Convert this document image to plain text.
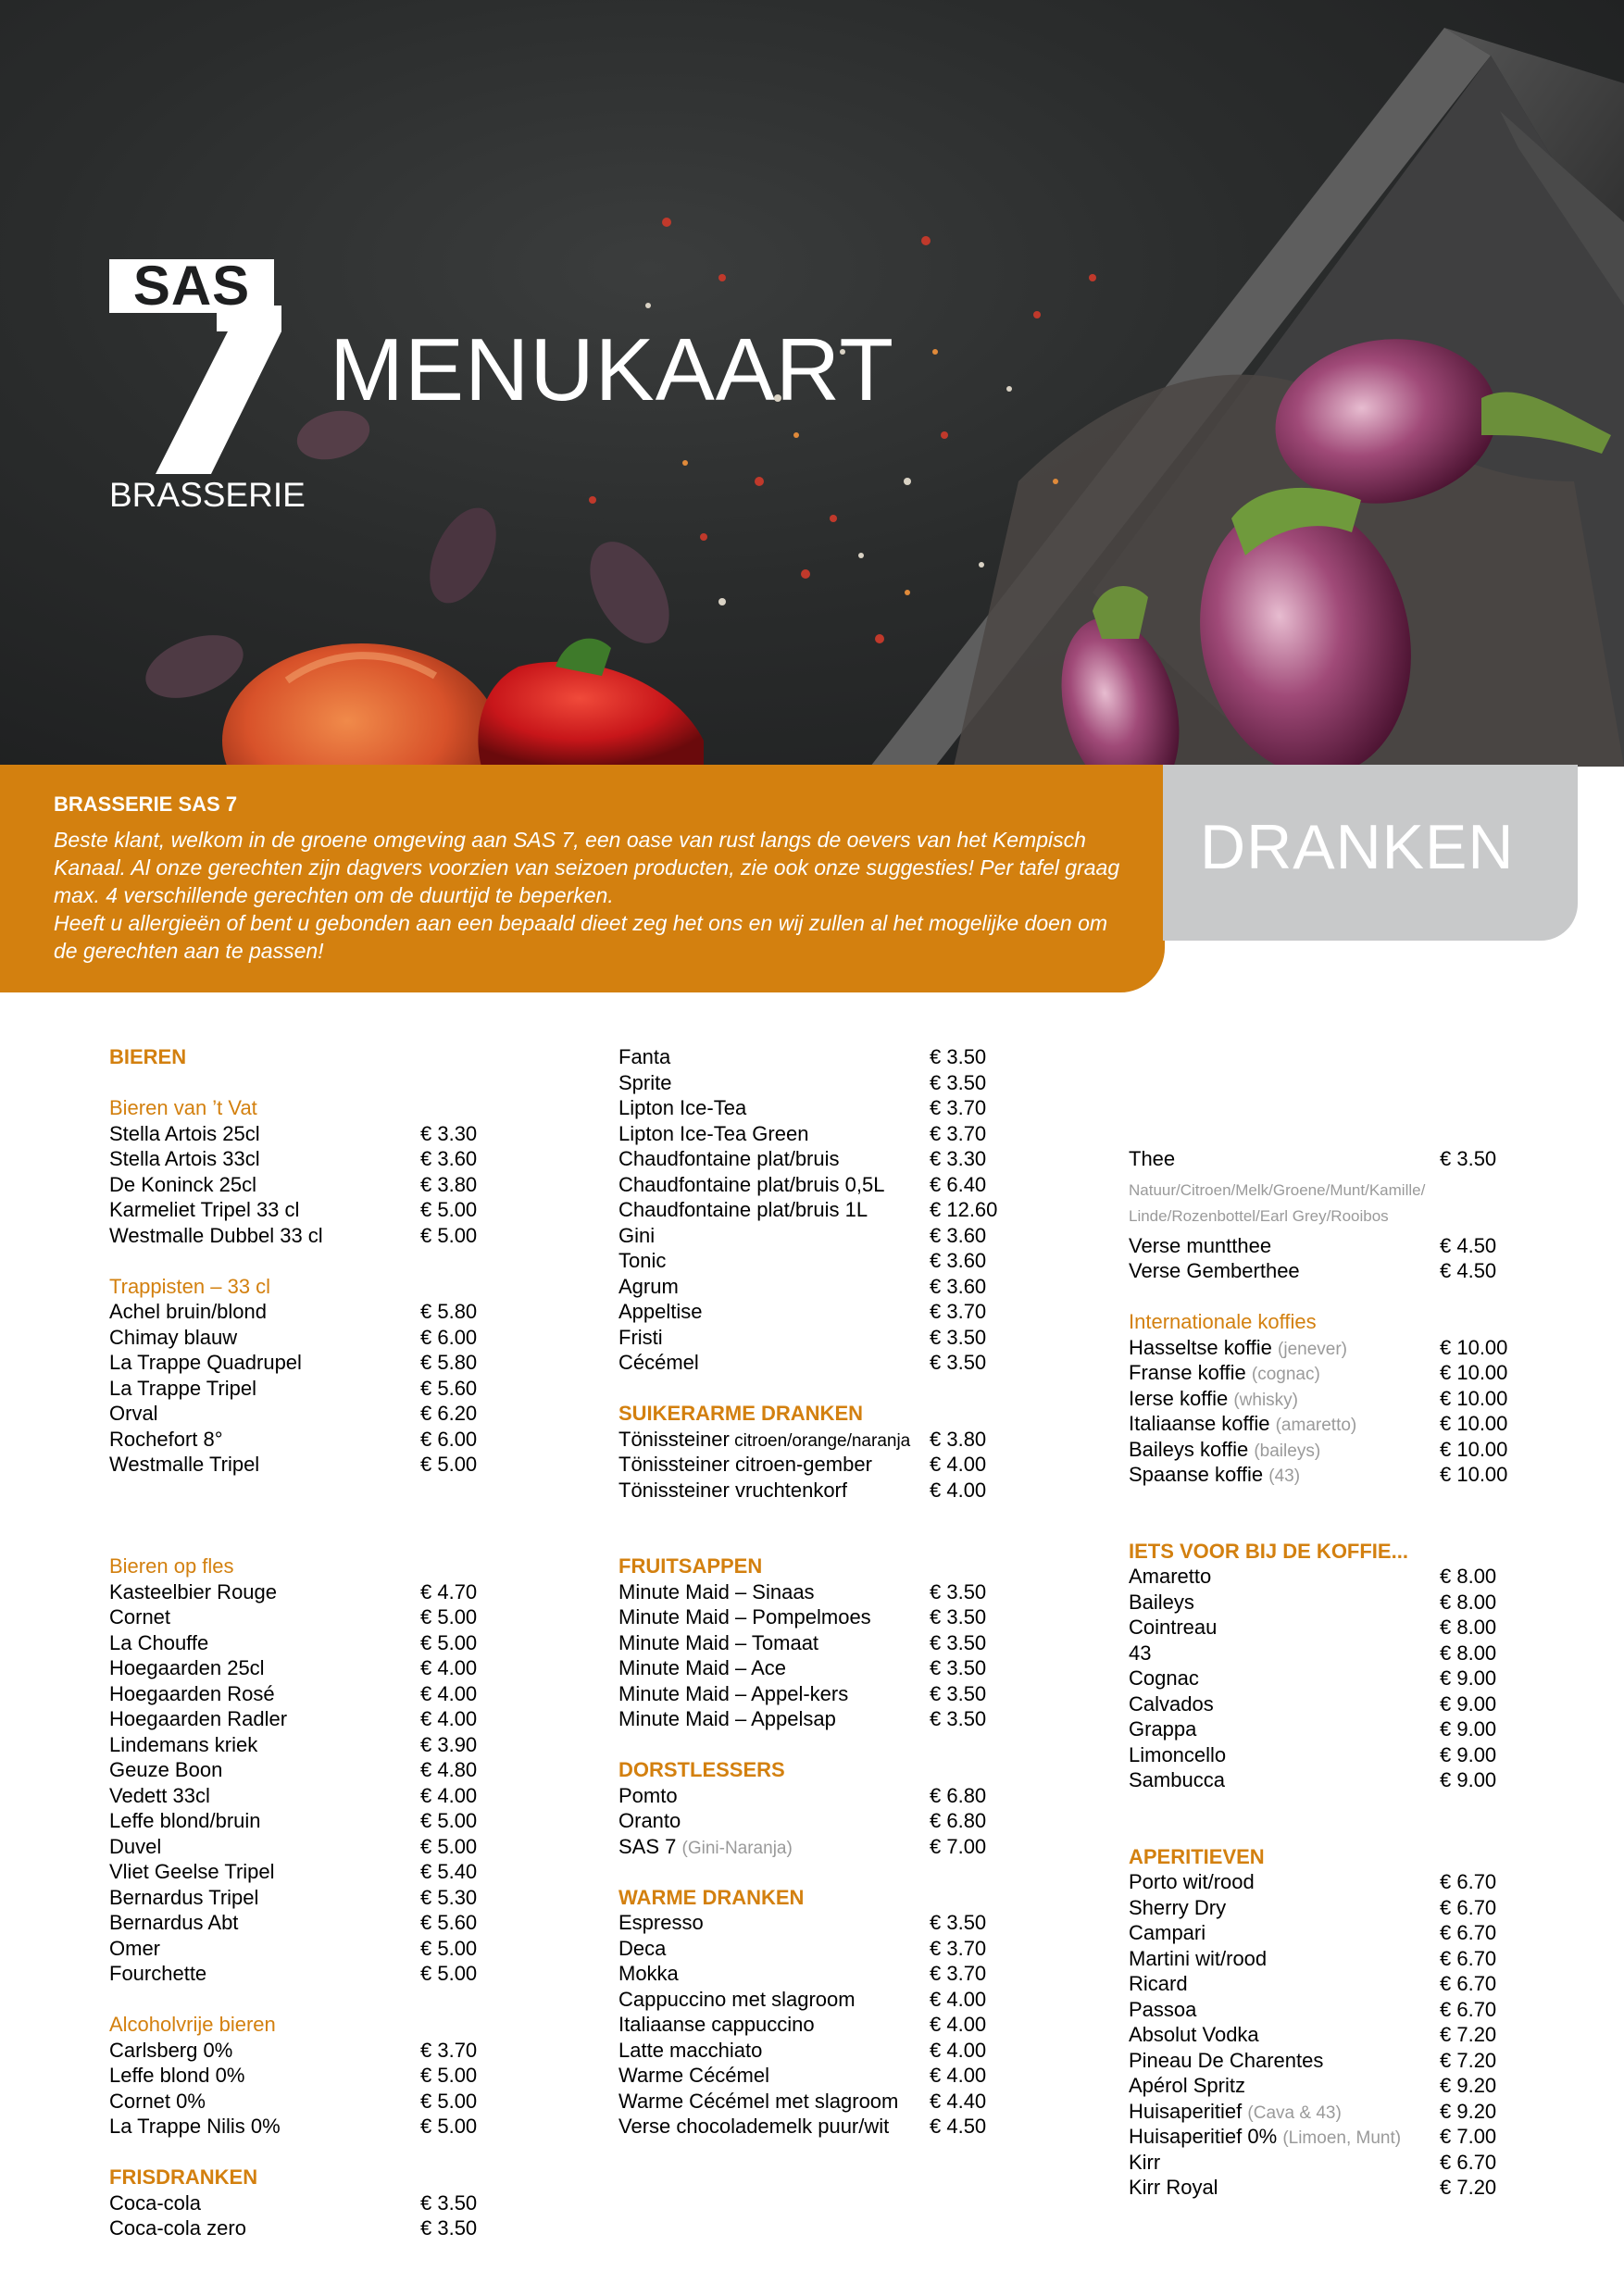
SAS
BRASSERIE
MENUKAART
BRASSERIE SAS 7

Beste klant, welkom in de groene omgeving aan SAS 7, een oase van rust langs de oevers van het Kempisch Kanaal. Al onze gerechten zijn dagvers voorzien van seizoen producten, zie ook onze suggesties! Per tafel graag max. 4 verschillende gerechten om de duurtijd te beperken.

Heeft u allergieën of bent u gebonden aan een bepaald dieet zeg het ons en wij zullen al het mogelijke doen om de gerechten aan te passen!

DRANKEN
BIEREN
Bieren van ’t Vat
Stella Artois 25cl	€ 3.30
Stella Artois 33cl	€ 3.60
De Koninck 25cl	€ 3.80
Karmeliet Tripel 33 cl	€ 5.00
Westmalle Dubbel 33 cl	€ 5.00
Trappisten – 33 cl
Achel bruin/blond	€ 5.80
Chimay blauw	€ 6.00
La Trappe Quadrupel	€ 5.80
La Trappe Tripel	€ 5.60
Orval	€ 6.20
Rochefort 8°	€ 6.00
Westmalle Tripel	€ 5.00
Bieren op fles
Kasteelbier Rouge	€ 4.70
Cornet	€ 5.00
La Chouffe	€ 5.00
Hoegaarden 25cl	€ 4.00
Hoegaarden Rosé	€ 4.00
Hoegaarden Radler	€ 4.00
Lindemans kriek	€ 3.90
Geuze Boon	€ 4.80
Vedett 33cl	€ 4.00
Leffe blond/bruin	€ 5.00
Duvel	€ 5.00
Vliet Geelse Tripel	€ 5.40
Bernardus Tripel	€ 5.30
Bernardus Abt	€ 5.60
Omer	€ 5.00
Fourchette	€ 5.00
Alcoholvrije bieren
Carlsberg 0%	€ 3.70
Leffe blond 0%	€ 5.00
Cornet 0%	€ 5.00
La Trappe Nilis 0%	€ 5.00
FRISDRANKEN
Coca-cola	€ 3.50
Coca-cola zero	€ 3.50
Fanta	€ 3.50
Sprite	€ 3.50
Lipton Ice-Tea	€ 3.70
Lipton Ice-Tea Green	€ 3.70
Chaudfontaine plat/bruis	€ 3.30
Chaudfontaine plat/bruis 0,5L € 6.40
Chaudfontaine plat/bruis 1L	€ 12.60
Gini	€ 3.60
Tonic	€ 3.60
Agrum	€ 3.60
Appeltise	€ 3.70
Fristi	€ 3.50
Cécémel	€ 3.50
SUIKERARME DRANKEN
Tönissteiner citroen/orange/naranja € 3.80
Tönissteiner citroen-gember	€ 4.00
Tönissteiner vruchtenkorf	€ 4.00
FRUITSAPPEN
Minute Maid – Sinaas	€ 3.50
Minute Maid – Pompelmoes	€ 3.50
Minute Maid – Tomaat	€ 3.50
Minute Maid – Ace	€ 3.50
Minute Maid – Appel-kers	€ 3.50
Minute Maid – Appelsap	€ 3.50
DORSTLESSERS
Pomto	€ 6.80
Oranto	€ 6.80
SAS 7 (Gini-Naranja)	€ 7.00
WARME DRANKEN
Espresso	€ 3.50
Deca	€ 3.70
Mokka	€ 3.70
Cappuccino met slagroom	€ 4.00
Italiaanse cappuccino	€ 4.00
Latte macchiato	€ 4.00
Warme Cécémel	€ 4.00
Warme Cécémel met slagroom € 4.40
Verse chocolademelk puur/wit € 4.50
Thee	€ 3.50
Natuur/Citroen/Melk/Groene/Munt/Kamille/
Linde/Rozenbottel/Earl Grey/Rooibos
Verse muntthee	€ 4.50
Verse Gemberthee	€ 4.50
Internationale koffies
Hasseltse koffie (jenever)	€ 10.00
Franse koffie (cognac)	€ 10.00
Ierse koffie (whisky)	€ 10.00
Italiaanse koffie (amaretto)	€ 10.00
Baileys koffie (baileys)	€ 10.00
Spaanse koffie (43)	€ 10.00
IETS VOOR BIJ DE KOFFIE...
Amaretto	€ 8.00
Baileys	€ 8.00
Cointreau	€ 8.00
43	€ 8.00
Cognac	€ 9.00
Calvados	€ 9.00
Grappa	€ 9.00
Limoncello	€ 9.00
Sambucca	€ 9.00
APERITIEVEN
Porto wit/rood	€ 6.70
Sherry Dry	€ 6.70
Campari	€ 6.70
Martini wit/rood	€ 6.70
Ricard	€ 6.70
Passoa	€ 6.70
Absolut Vodka	€ 7.20
Pineau De Charentes	€ 7.20
Apérol Spritz	€ 9.20
Huisaperitief (Cava & 43)	€ 9.20
Huisaperitief 0% (Limoen, Munt) € 7.00
Kirr	€ 6.70
Kirr Royal	€ 7.20
